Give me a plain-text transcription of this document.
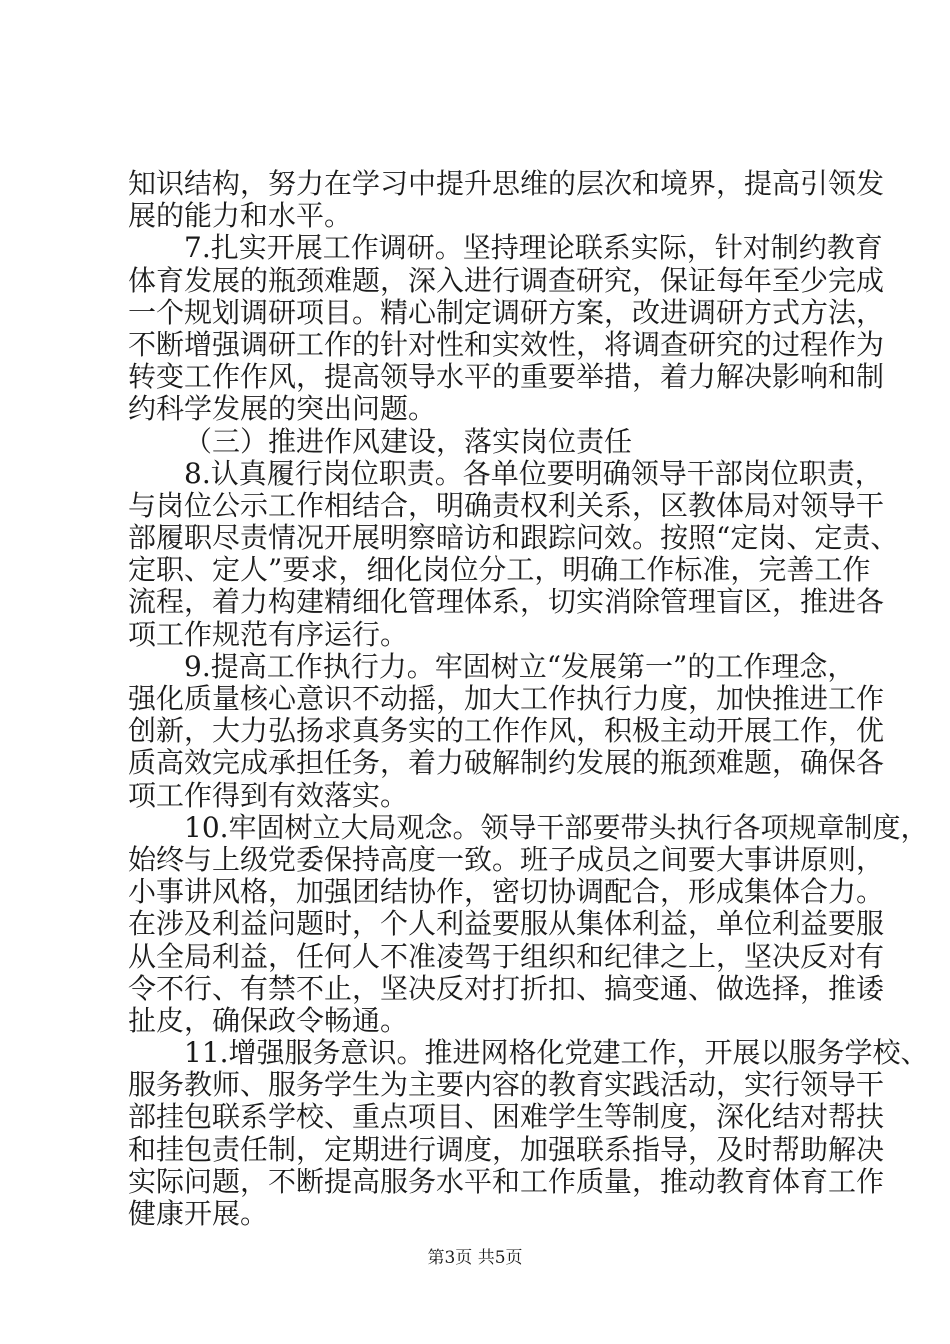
知识结构，努力在学习中提升思维的层次和境界，提高引领发
展的能力和水平。
7.扎实开展工作调研。坚持理论联系实际，针对制约教育
体育发展的瓶颈难题，深入进行调查研究，保证每年至少完成
一个规划调研项目。精心制定调研方案，改进调研方式方法，
不断增强调研工作的针对性和实效性，将调查研究的过程作为
转变工作作风，提高领导水平的重要举措，着力解决影响和制
约科学发展的突出问题。
（三）推进作风建设，落实岗位责任
8.认真履行岗位职责。各单位要明确领导干部岗位职责，
与岗位公示工作相结合，明确责权利关系，区教体局对领导干
部履职尽责情况开展明察暗访和跟踪问效。按照“定岗、定责、
定职、定人”要求，细化岗位分工，明确工作标准，完善工作
流程，着力构建精细化管理体系，切实消除管理盲区，推进各
项工作规范有序运行。
9.提高工作执行力。牢固树立“发展第一”的工作理念，
强化质量核心意识不动摇，加大工作执行力度，加快推进工作
创新，大力弘扬求真务实的工作作风，积极主动开展工作，优
质高效完成承担任务，着力破解制约发展的瓶颈难题，确保各
项工作得到有效落实。
10.牢固树立大局观念。领导干部要带头执行各项规章制度，
始终与上级党委保持高度一致。班子成员之间要大事讲原则，
小事讲风格，加强团结协作，密切协调配合，形成集体合力。
在涉及利益问题时，个人利益要服从集体利益，单位利益要服
从全局利益，任何人不准凌驾于组织和纪律之上，坚决反对有
令不行、有禁不止，坚决反对打折扣、搞变通、做选择，推诿
扯皮，确保政令畅通。
11.增强服务意识。推进网格化党建工作，开展以服务学校、
服务教师、服务学生为主要内容的教育实践活动，实行领导干
部挂包联系学校、重点项目、困难学生等制度，深化结对帮扶
和挂包责任制，定期进行调度，加强联系指导，及时帮助解决
实际问题，不断提高服务水平和工作质量，推动教育体育工作
健康开展。
第3页 共5页
